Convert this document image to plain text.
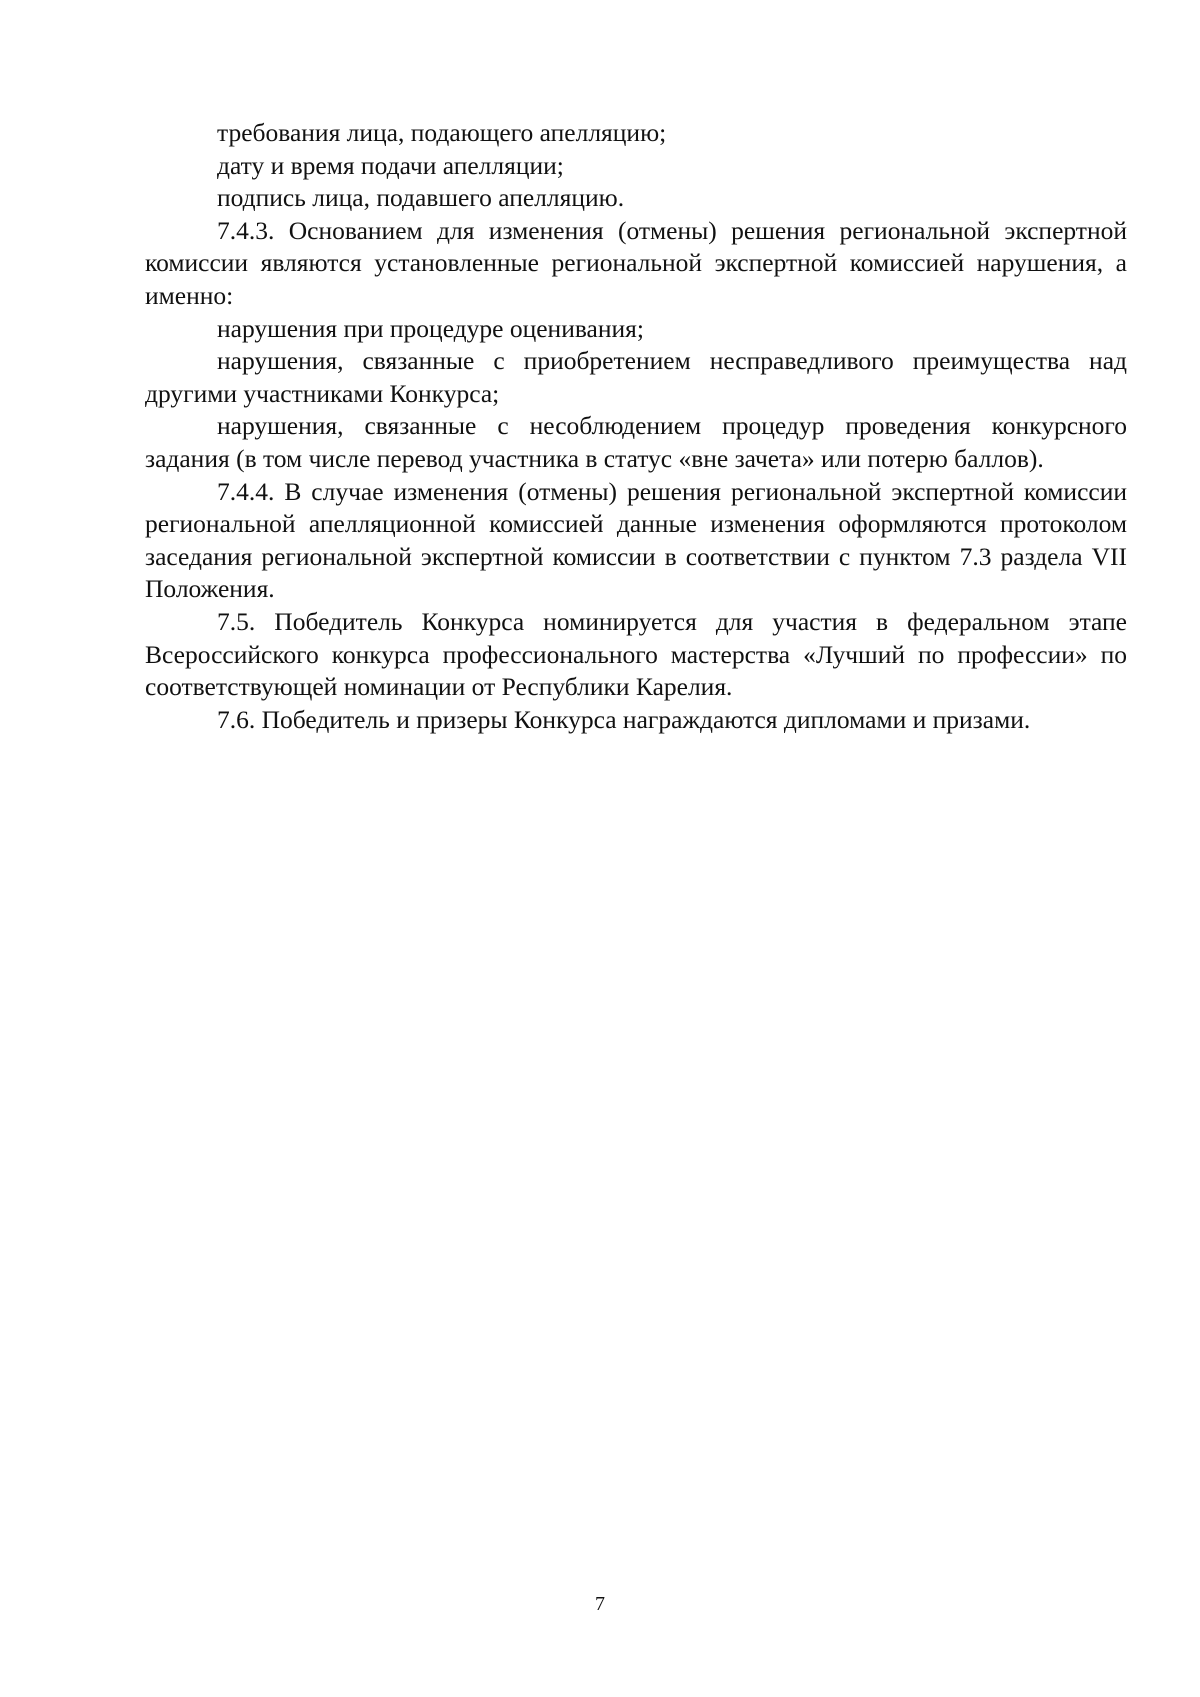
требования лица, подающего апелляцию;

дату и время подачи апелляции;

подпись лица, подавшего апелляцию.

7.4.3. Основанием для изменения (отмены) решения региональной экспертной комиссии являются установленные региональной экспертной комиссией нарушения, а именно:

нарушения при процедуре оценивания;

нарушения, связанные с приобретением несправедливого преимущества над другими участниками Конкурса;

нарушения, связанные с несоблюдением процедур проведения конкурсного задания (в том числе перевод участника в статус «вне зачета» или потерю баллов).

7.4.4. В случае изменения (отмены) решения региональной экспертной комиссии региональной апелляционной комиссией данные изменения оформляются протоколом заседания региональной экспертной комиссии в соответствии с пунктом 7.3 раздела VII Положения.

7.5. Победитель Конкурса номинируется для участия в федеральном этапе Всероссийского конкурса профессионального мастерства «Лучший по профессии» по соответствующей номинации от Республики Карелия.

7.6. Победитель и призеры Конкурса награждаются дипломами и призами.

7
